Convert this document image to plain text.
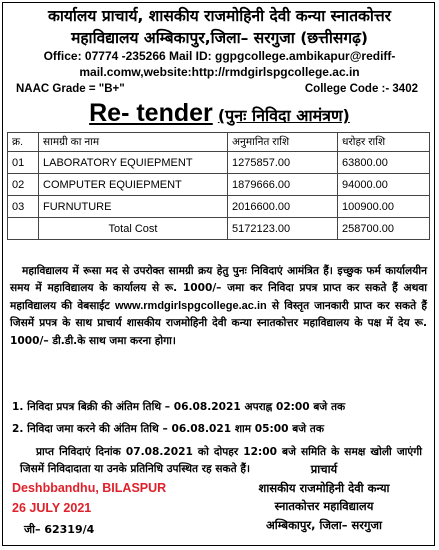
कार्यालय प्राचार्य, शासकीय राजमोहिनी देवी कन्या स्नातकोत्तर
महाविद्यालय अम्बिकापुर,जिला– सरगुजा (छत्तीसगढ़)
Office: 07774 -235266 Mail ID: ggpgcollege.ambikapur@rediff-
mail.comw,website:http://rmdgirlspgcollege.ac.in
NAAC Grade = "B+"	College Code :- 3402
Re- tender (पुनः निविदा आमंत्रण)
क्र.	सामग्री का नाम	अनुमानित राशि	धरोहर राशि
01	LABORATORY EQUIEPMENT	1275857.00	63800.00
02	COMPUTER EQUIEPMENT	1879666.00	94000.00
03	FURNUTURE	2016600.00	100900.00
	Total Cost	5172123.00	258700.00

महाविद्यालय में रूसा मद से उपरोक्त सामग्री क्रय हेतु पुनः निविदाएं आमंत्रित हैं। इच्छुक फर्म कार्यालयीन समय में महाविद्यालय के कार्यालय से रू. 1000/– जमा कर निविदा प्रपत्र प्राप्त कर सकते हैं अथवा महाविद्यालय की वेबसाईट www.rmdgirlspgcollege.ac.in से विस्तृत जानकारी प्राप्त कर सकते हैं जिसमें प्रपत्र के साथ प्राचार्य शासकीय राजमोहिनी देवी कन्या स्नातकोत्तर महाविद्यालय के पक्ष में देय रू. 1000/– डी.डी.के साथ जमा करना होगा।

1. निविदा प्रपत्र बिक्री की अंतिम तिथि – 06.08.2021 अपराह्न 02:00 बजे तक
2. निविदा जमा करने की अंतिम तिथि – 06.08.021 शाम 05:00 बजे तक

प्राप्त निविदाएं दिनांक 07.08.2021 को दोपहर 12:00 बजे समिति के समक्ष खोली जाएंगी जिसमें निविदादाता या उनके प्रतिनिधि उपस्थित रह सकते हैं।

Deshbbandhu, BILASPUR
26 JULY 2021
जी– 62319/4
प्राचार्य
शासकीय राजमोहिनी देवी कन्या
स्नातकोत्तर महाविद्यालय
अम्बिकापुर, जिला– सरगुजा
